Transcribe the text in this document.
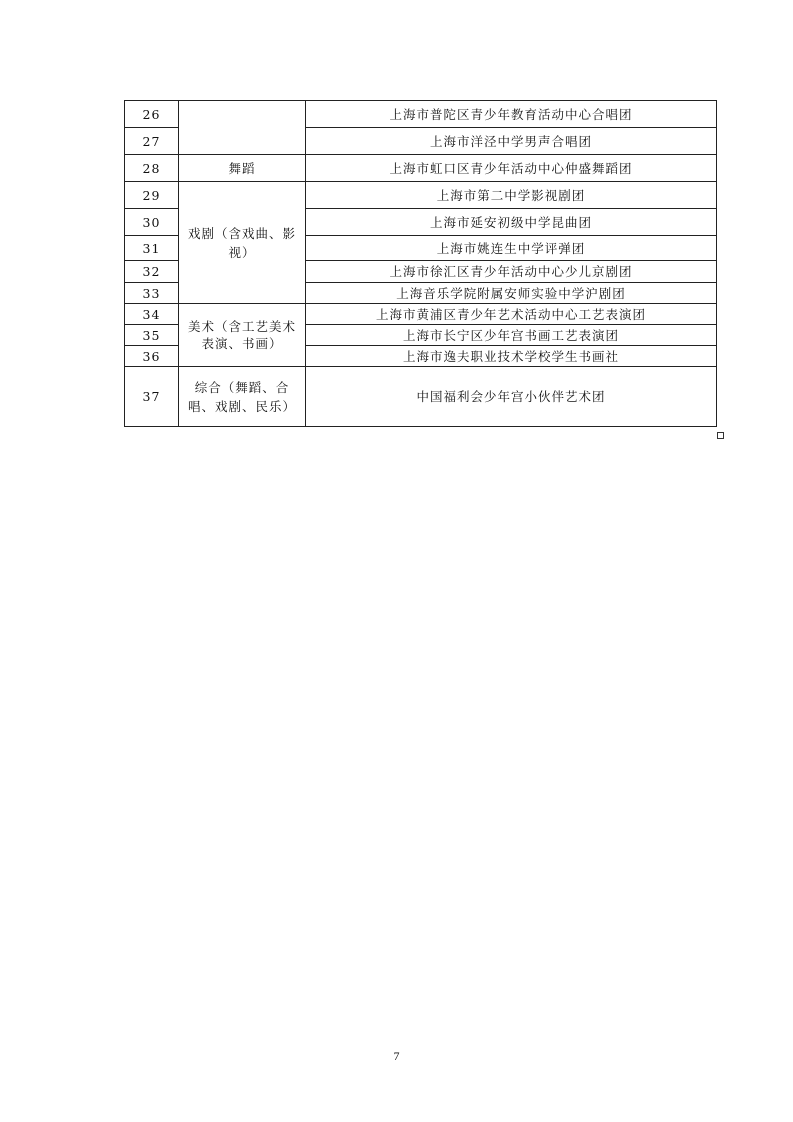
26		上海市普陀区青少年教育活动中心合唱团
27		上海市洋泾中学男声合唱团
28	舞蹈	上海市虹口区青少年活动中心仲盛舞蹈团
29	戏剧（含戏曲、影视）	上海市第二中学影视剧团
30		上海市延安初级中学昆曲团
31		上海市姚连生中学评弹团
32		上海市徐汇区青少年活动中心少儿京剧团
33		上海音乐学院附属安师实验中学沪剧团
34	美术（含工艺美术表演、书画）	上海市黄浦区青少年艺术活动中心工艺表演团
35		上海市长宁区少年宫书画工艺表演团
36		上海市逸夫职业技术学校学生书画社
37	综合（舞蹈、合唱、戏剧、民乐）	中国福利会少年宫小伙伴艺术团
7
